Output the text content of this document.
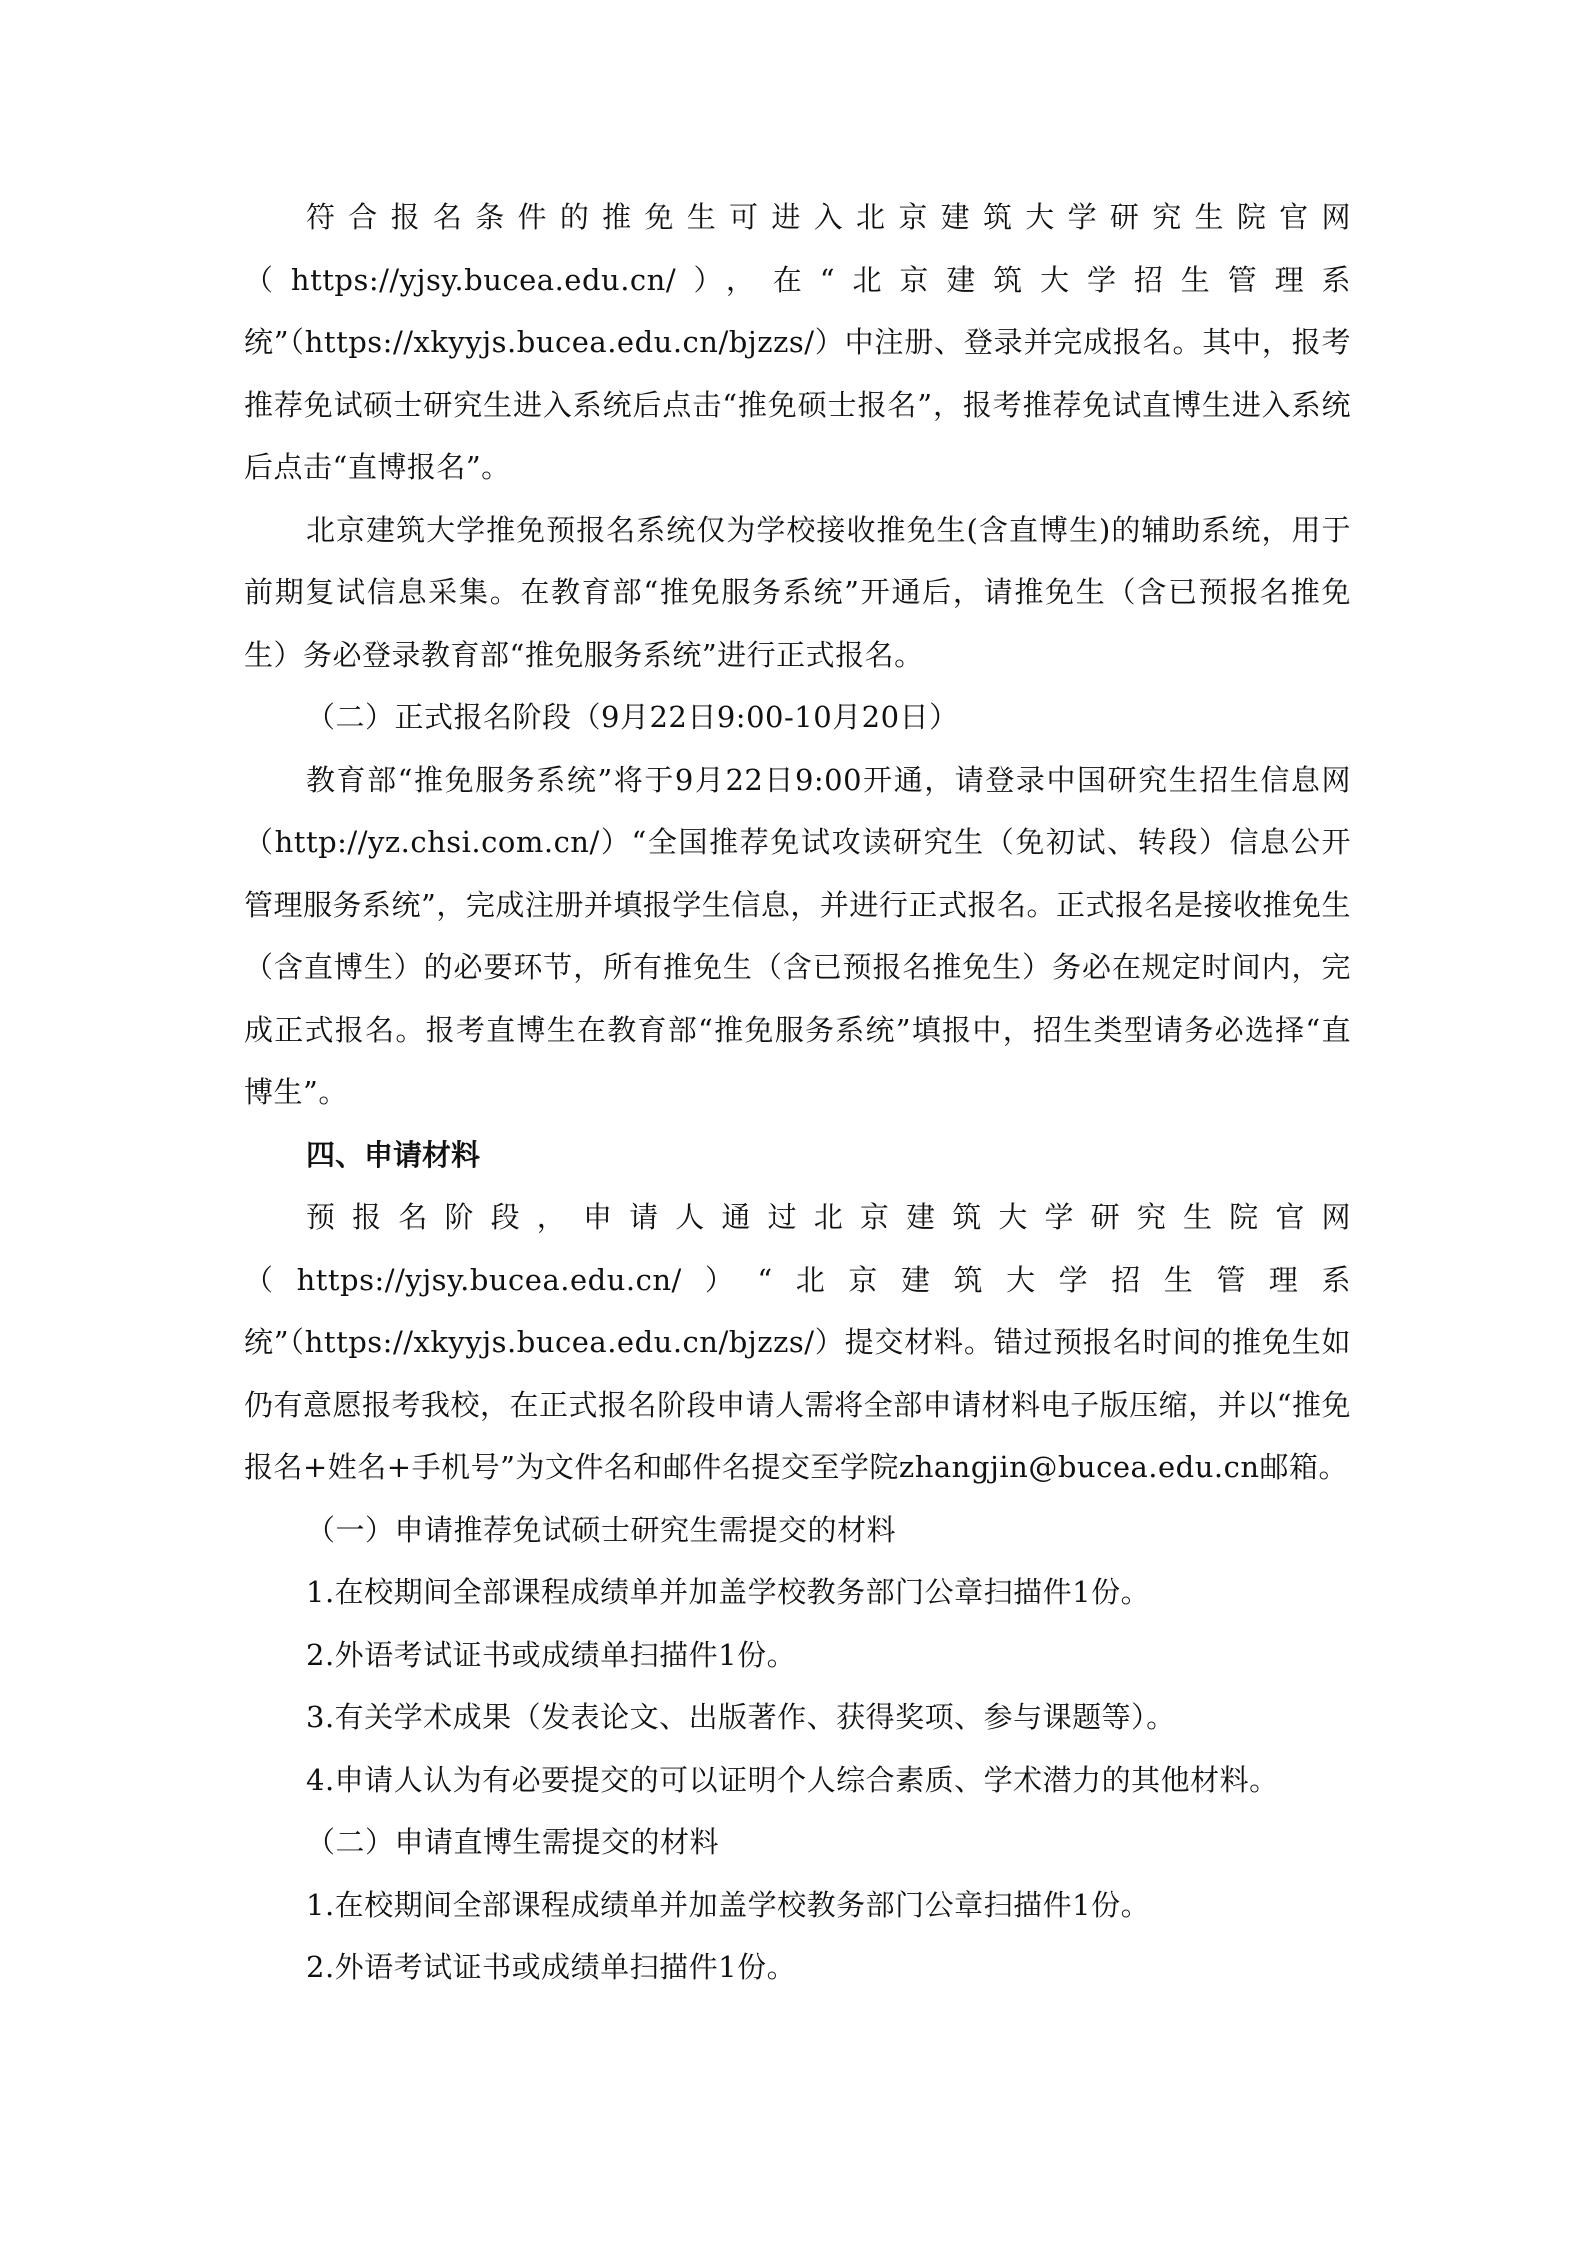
符合报名条件的推免生可进入北京建筑大学研究生院官网（https://yjsy.bucea.edu.cn/），在“北京建筑大学招生管理系统”（https://xkyyjs.bucea.edu.cn/bjzzs/）中注册、登录并完成报名。其中，报考推荐免试硕士研究生进入系统后点击“推免硕士报名”，报考推荐免试直博生进入系统后点击“直博报名”。

北京建筑大学推免预报名系统仅为学校接收推免生(含直博生)的辅助系统，用于前期复试信息采集。在教育部“推免服务系统”开通后，请推免生（含已预报名推免生）务必登录教育部“推免服务系统”进行正式报名。

（二）正式报名阶段（9月22日9:00-10月20日）

教育部“推免服务系统”将于9月22日9:00开通，请登录中国研究生招生信息网（http://yz.chsi.com.cn/）“全国推荐免试攻读研究生（免初试、转段）信息公开管理服务系统”，完成注册并填报学生信息，并进行正式报名。正式报名是接收推免生（含直博生）的必要环节，所有推免生（含已预报名推免生）务必在规定时间内，完成正式报名。报考直博生在教育部“推免服务系统”填报中，招生类型请务必选择“直博生”。

四、申请材料

预报名阶段，申请人通过北京建筑大学研究生院官网（https://yjsy.bucea.edu.cn/）“北京建筑大学招生管理系统”（https://xkyyjs.bucea.edu.cn/bjzzs/）提交材料。错过预报名时间的推免生如仍有意愿报考我校，在正式报名阶段申请人需将全部申请材料电子版压缩，并以“推免报名+姓名+手机号”为文件名和邮件名提交至学院zhangjin@bucea.edu.cn邮箱。

（一）申请推荐免试硕士研究生需提交的材料

1.在校期间全部课程成绩单并加盖学校教务部门公章扫描件1份。

2.外语考试证书或成绩单扫描件1份。

3.有关学术成果（发表论文、出版著作、获得奖项、参与课题等）。

4.申请人认为有必要提交的可以证明个人综合素质、学术潜力的其他材料。

（二）申请直博生需提交的材料

1.在校期间全部课程成绩单并加盖学校教务部门公章扫描件1份。

2.外语考试证书或成绩单扫描件1份。
